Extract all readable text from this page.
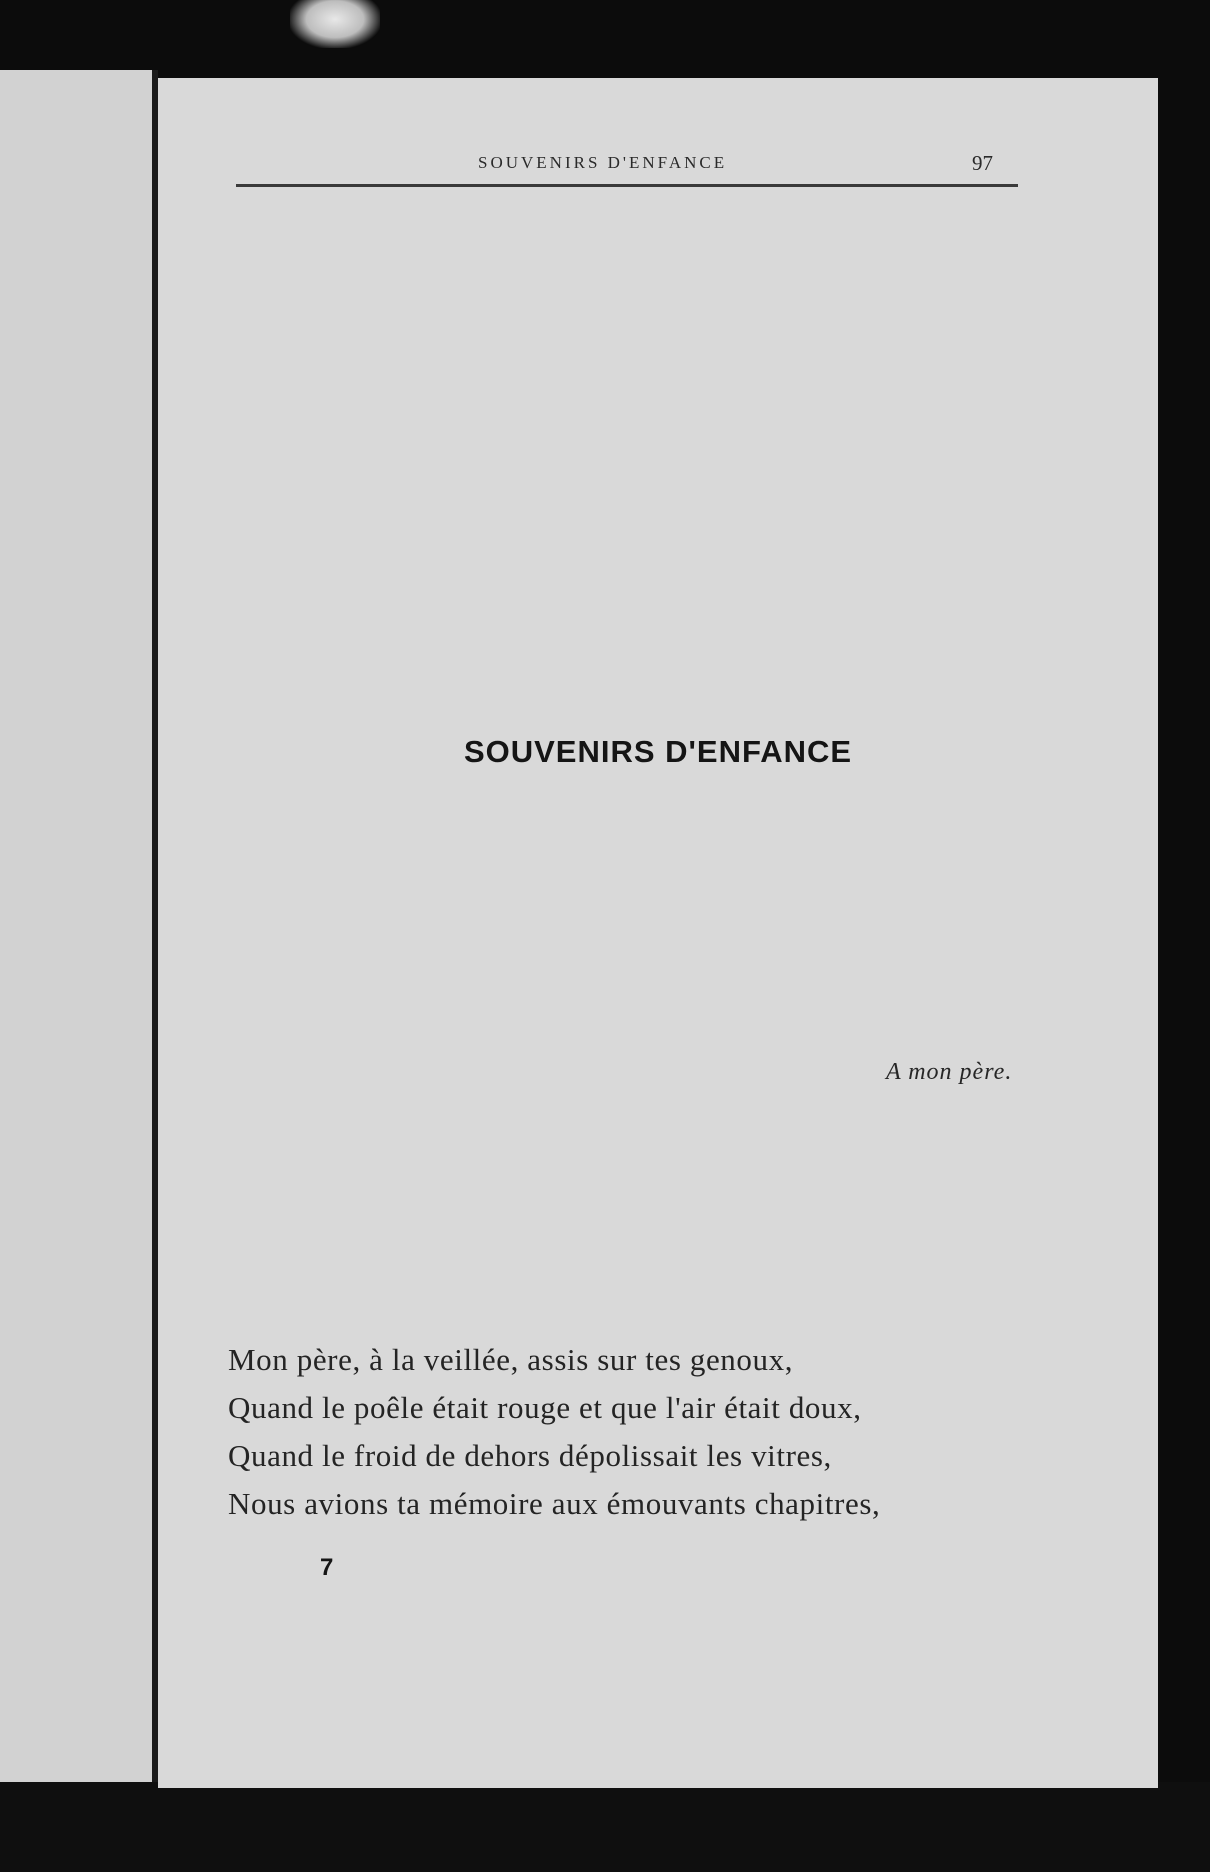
SOUVENIRS D'ENFANCE	97
SOUVENIRS D'ENFANCE
A mon père.
Mon père, à la veillée, assis sur tes genoux,
Quand le poêle était rouge et que l'air était doux,
Quand le froid de dehors dépolissait les vitres,
Nous avions ta mémoire aux émouvants chapitres,
7
